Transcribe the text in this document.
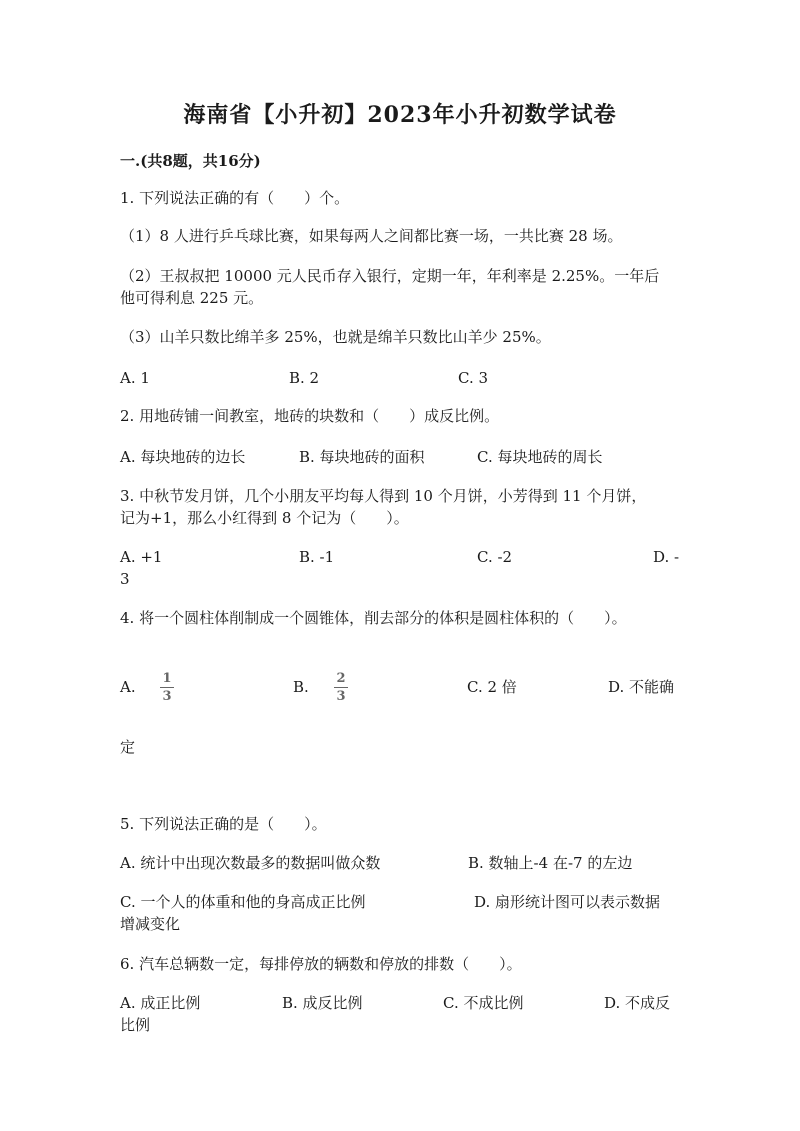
海南省【小升初】2023年小升初数学试卷
一.(共8题，共16分)
1. 下列说法正确的有（　　）个。
（1）8 人进行乒乓球比赛，如果每两人之间都比赛一场，一共比赛 28 场。
（2）王叔叔把 10000 元人民币存入银行，定期一年，年利率是 2.25%。一年后
他可得利息 225 元。
（3）山羊只数比绵羊多 25%，也就是绵羊只数比山羊少 25%。
A. 1	B. 2	C. 3
2. 用地砖铺一间教室，地砖的块数和（　　）成反比例。
A. 每块地砖的边长	B. 每块地砖的面积	C. 每块地砖的周长
3. 中秋节发月饼，几个小朋友平均每人得到 10 个月饼，小芳得到 11 个月饼，
记为+1，那么小红得到 8 个记为（　　）。
A. +1	B. -1	C. -2	D. -
3
4. 将一个圆柱体削制成一个圆锥体，削去部分的体积是圆柱体积的（　　）。
A. 1
3
B. 2
3
C. 2 倍	D. 不能确
定
5. 下列说法正确的是（　　）。
A. 统计中出现次数最多的数据叫做众数	B. 数轴上-4 在-7 的左边
C. 一个人的体重和他的身高成正比例	D. 扇形统计图可以表示数据
增减变化
6. 汽车总辆数一定，每排停放的辆数和停放的排数（　　）。
A. 成正比例	B. 成反比例	C. 不成比例	D. 不成反
比例
